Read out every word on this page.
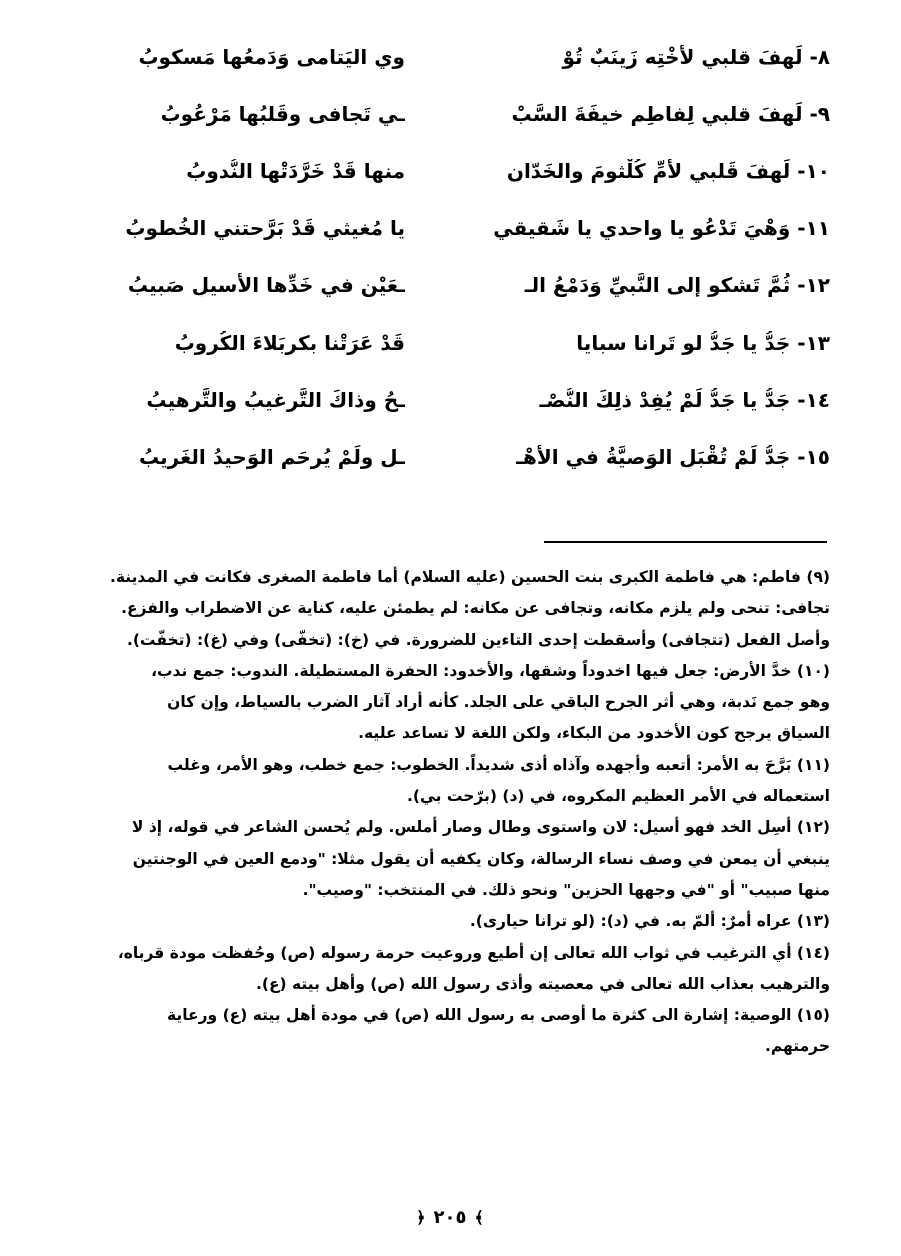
٨- لَهفَ قلبي لأُخْتِه زَينَبٌ تُوْ
وي اليَتامى وَدَمعُها مَسكوبُ
٩- لَهفَ قلبي لِفاطِمٍ خيفَةَ السَّبْ
ـي تَجافى وقَلبُها مَرْعُوبُ
١٠- لَهفَ قَلبي لأُمِّ كُلْثومَ والخَدّانِ
منها قَدْ خَرَّدَتْها النُّدوبُ
١١- وَهْيَ تَدْعُو يا واحدي يا شَقيقي
يا مُغيثي قَدْ بَرَّحتني الخُطوبُ
١٢- ثُمَّ تَشكو إلى النَّبيِّ وَدَمْعُ الـ
ـعَيْنِ في خَدِّها الأسيلِ صَبيبُ
١٣- جَدُّ يا جَدُّ لو تَرانا سبايا
قَدْ عَرَتْنا بكربَلاءَ الكُروبُ
١٤- جَدُّ يا جَدُّ لَمْ يُفِدْ ذلِكَ النُّصْـ
ـحُ وذاكَ التَّرغيبُ والتَّرهيبُ
١٥- جَدُّ لَمْ تُقْبَلِ الوَصيَّةُ في الأهْـ
ـلِ ولَمْ يُرحَمِ الوَحيدُ الغَريبُ
(٩) فاطم: هي فاطمة الكبرى بنت الحسين (عليه السلام) أما فاطمة الصغرى فكانت في المدينة.
تجافى: تنحى ولم يلزم مكانه، وتجافى عن مكانه: لم يطمئن عليه، كناية عن الاضطراب والفزع.
وأصل الفعل (تتجافى) وأسقطت إحدى التاءين للضرورة. في (خ): (تخفّى) وفي (غ): (تخفّت).
(١٠) خدَّ الأرض: جعل فيها اخدوداً وشقها، والأخدود: الحفرة المستطيلة. الندوب: جمع ندب،
وهو جمع نَدبة، وهي أثر الجرح الباقي على الجلد. كأنه أراد آثار الضرب بالسياط، وإن كان
السياق يرجح كون الأخدود من البكاء، ولكن اللغة لا تساعد عليه.
(١١) بَرَّحَ به الأمر: أتعبه وأجهده وآذاه أذى شديداً. الخطوب: جمع خطب، وهو الأمر، وغلب
استعماله في الأمر العظيم المكروه، في (د) (برّحت بي).
(١٢) أسِل الخد فهو أسيل: لان واستوى وطال وصار أملس. ولم يُحسن الشاعر في قوله، إذ لا
ينبغي أن يمعن في وصف نساء الرسالة، وكان يكفيه أن يقول مثلا: "ودمع العين في الوجنتين
منها صبيب" أو "في وجهها الحزين" ونحو ذلك. في المنتخب: "وصيب".
(١٣) عراه أمرٌ: ألمّ به. في (د): (لو ترانا حيارى).
(١٤) أي الترغيب في ثواب الله تعالى إن أطيع وروعيت حرمة رسوله (ص) وحُفظت مودة قرباه،
والترهيب بعذاب الله تعالى في معصيته وأذى رسول الله (ص) وأهل بيته (ع).
(١٥) الوصية: إشارة الى كثرة ما أوصى به رسول الله (ص) في مودة أهل بيته (ع) ورعاية
حرمتهم.
﴾
٢٠٥
﴿
